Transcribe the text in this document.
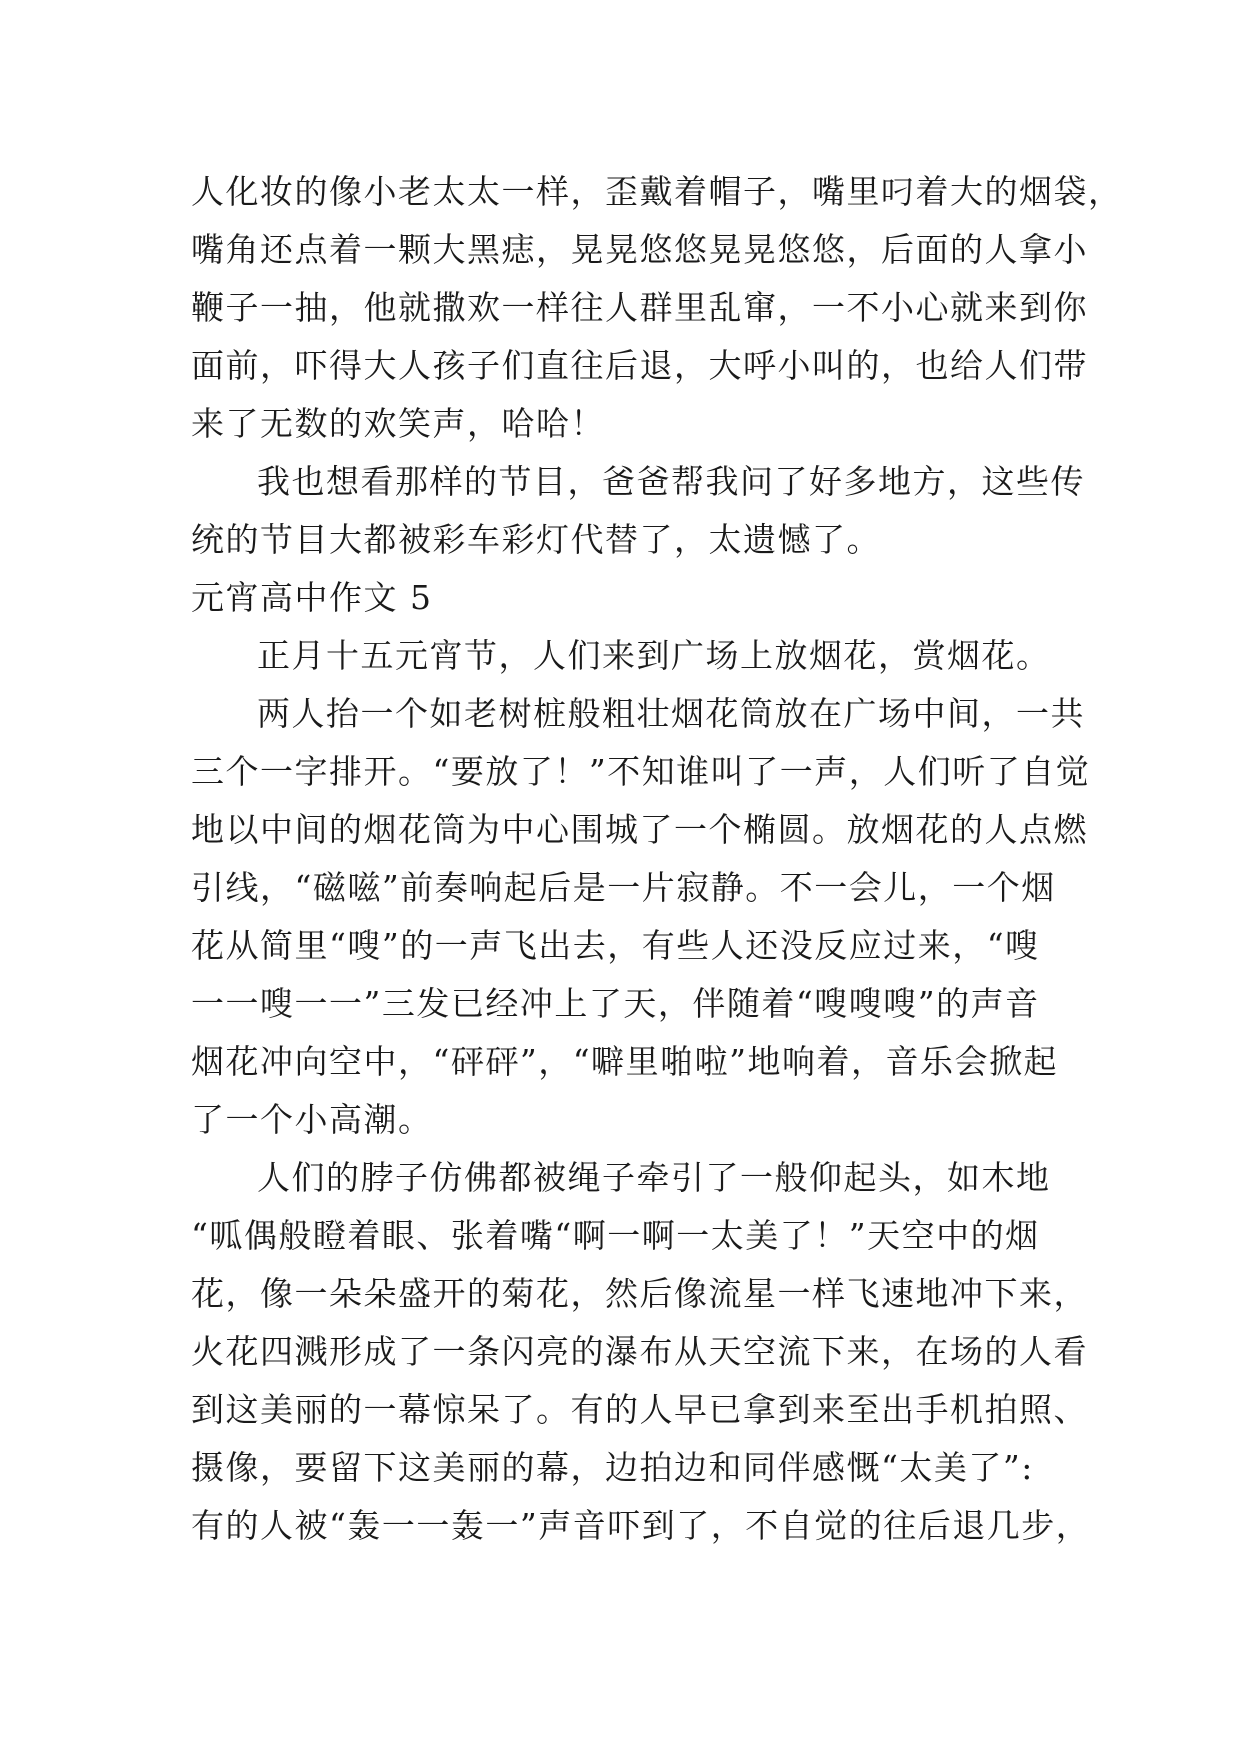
人化妆的像小老太太一样，歪戴着帽子，嘴里叼着大的烟袋，
嘴角还点着一颗大黑痣，晃晃悠悠晃晃悠悠，后面的人拿小
鞭子一抽，他就撒欢一样往人群里乱窜，一不小心就来到你
面前，吓得大人孩子们直往后退，大呼小叫的，也给人们带
来了无数的欢笑声，哈哈！
我也想看那样的节目，爸爸帮我问了好多地方，这些传
统的节目大都被彩车彩灯代替了，太遗憾了。
元宵高中作文 5
正月十五元宵节，人们来到广场上放烟花，赏烟花。
两人抬一个如老树桩般粗壮烟花筒放在广场中间，一共
三个一字排开。“要放了！”不知谁叫了一声，人们听了自觉
地以中间的烟花筒为中心围城了一个椭圆。放烟花的人点燃
引线，“磁嗞”前奏响起后是一片寂静。不一会儿，一个烟
花从简里“嗖”的一声飞出去，有些人还没反应过来，“嗖
一一嗖一一”三发已经冲上了天，伴随着“嗖嗖嗖”的声音
烟花冲向空中，“砰砰”，“噼里啪啦”地响着，音乐会掀起
了一个小高潮。
人们的脖子仿佛都被绳子牵引了一般仰起头，如木地
“呱偶般瞪着眼、张着嘴“啊一啊一太美了！”天空中的烟
花，像一朵朵盛开的菊花，然后像流星一样飞速地冲下来，
火花四溅形成了一条闪亮的瀑布从天空流下来，在场的人看
到这美丽的一幕惊呆了。有的人早已拿到来至出手机拍照、
摄像，要留下这美丽的幕，边拍边和同伴感慨“太美了”:
有的人被“轰一一轰一”声音吓到了，不自觉的往后退几步，
